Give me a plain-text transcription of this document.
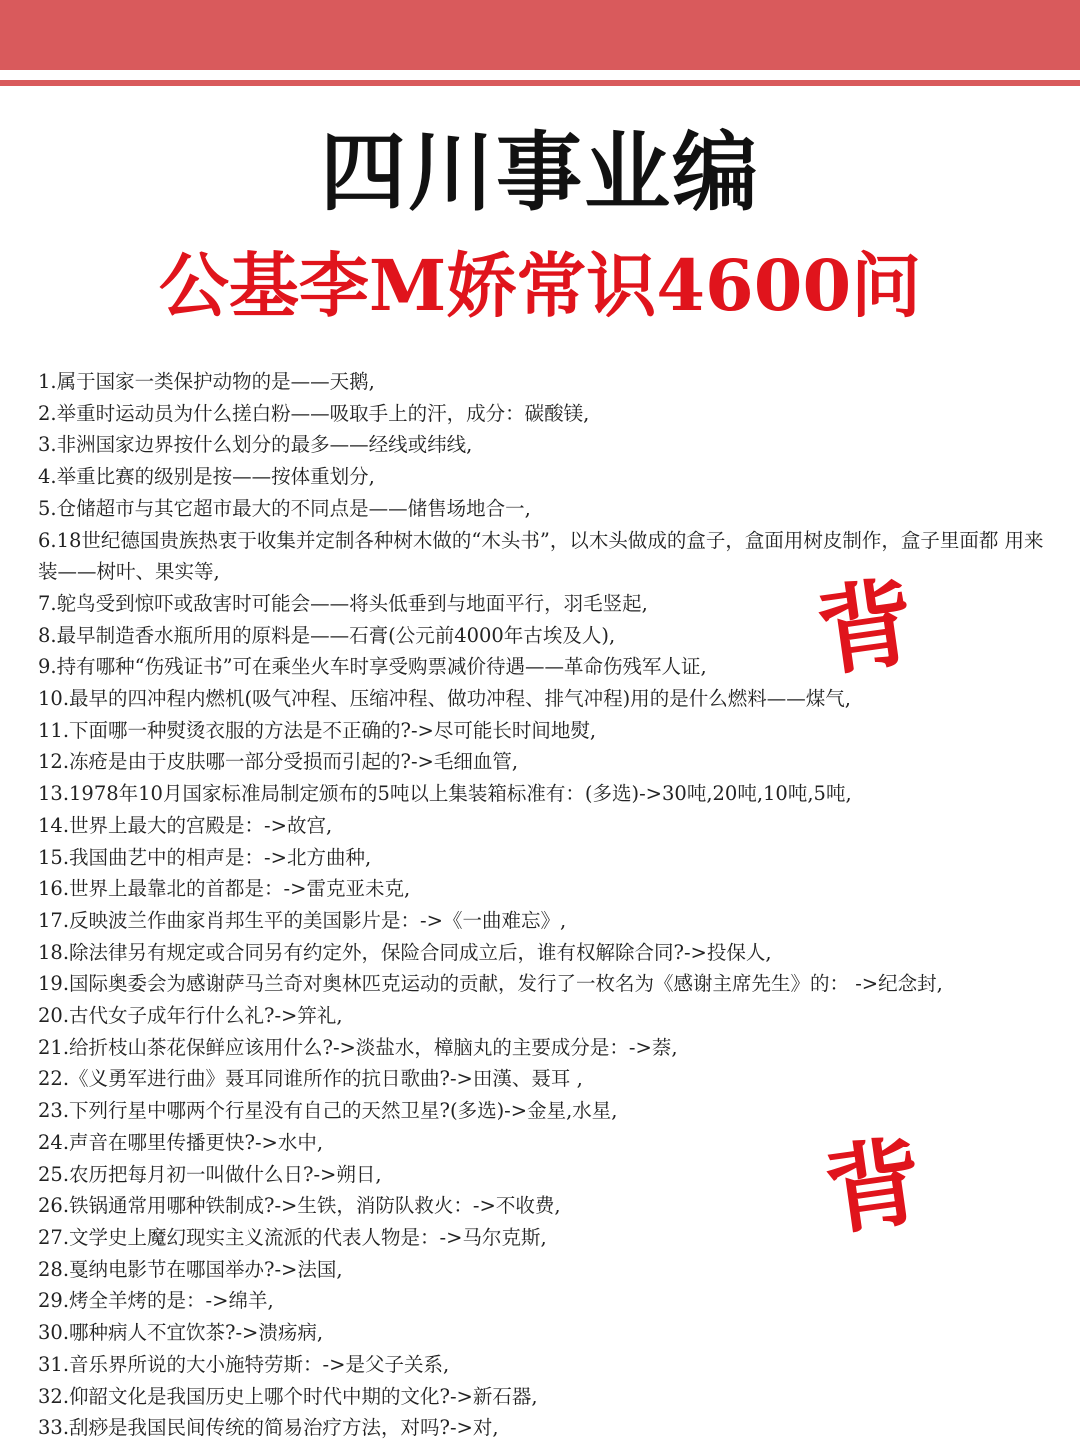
四川事业编
公基李M娇常识4600问
1.属于国家一类保护动物的是——天鹅,
2.举重时运动员为什么搓白粉——吸取手上的汗，成分：碳酸镁,
3.非洲国家边界按什么划分的最多——经线或纬线,
4.举重比赛的级别是按——按体重划分,
5.仓储超市与其它超市最大的不同点是——储售场地合一,
6.18世纪德国贵族热衷于收集并定制各种树木做的“木头书”，以木头做成的盒子，盒面用树皮制作，盒子里面都 用来装——树叶、果实等,
7.鸵鸟受到惊吓或敌害时可能会——将头低垂到与地面平行，羽毛竖起,
8.最早制造香水瓶所用的原料是——石膏(公元前4000年古埃及人),
9.持有哪种“伤残证书”可在乘坐火车时享受购票减价待遇——革命伤残军人证,
10.最早的四冲程内燃机(吸气冲程、压缩冲程、做功冲程、排气冲程)用的是什么燃料——煤气,
11.下面哪一种熨烫衣服的方法是不正确的?->尽可能长时间地熨,
12.冻疮是由于皮肤哪一部分受损而引起的?->毛细血管,
13.1978年10月国家标准局制定颁布的5吨以上集装箱标准有：(多选)->30吨,20吨,10吨,5吨,
14.世界上最大的宫殿是：->故宫,
15.我国曲艺中的相声是：->北方曲种,
16.世界上最靠北的首都是：->雷克亚未克,
17.反映波兰作曲家肖邦生平的美国影片是：->《一曲难忘》,
18.除法律另有规定或合同另有约定外，保险合同成立后，谁有权解除合同?->投保人,
19.国际奥委会为感谢萨马兰奇对奥林匹克运动的贡献，发行了一枚名为《感谢主席先生》的： ->纪念封,
20.古代女子成年行什么礼?->笄礼,
21.给折枝山茶花保鲜应该用什么?->淡盐水，樟脑丸的主要成分是：->萘,
22.《义勇军进行曲》聂耳同谁所作的抗日歌曲?->田漢、聂耳 ,
23.下列行星中哪两个行星没有自己的天然卫星?(多选)->金星,水星,
24.声音在哪里传播更快?->水中,
25.农历把每月初一叫做什么日?->朔日,
26.铁锅通常用哪种铁制成?->生铁，消防队救火：->不收费,
27.文学史上魔幻现实主义流派的代表人物是：->马尔克斯,
28.戛纳电影节在哪国举办?->法国,
29.烤全羊烤的是：->绵羊,
30.哪种病人不宜饮茶?->溃疡病,
31.音乐界所说的大小施特劳斯：->是父子关系,
32.仰韶文化是我国历史上哪个时代中期的文化?->新石器,
33.刮痧是我国民间传统的简易治疗方法，对吗?->对,
背
背
